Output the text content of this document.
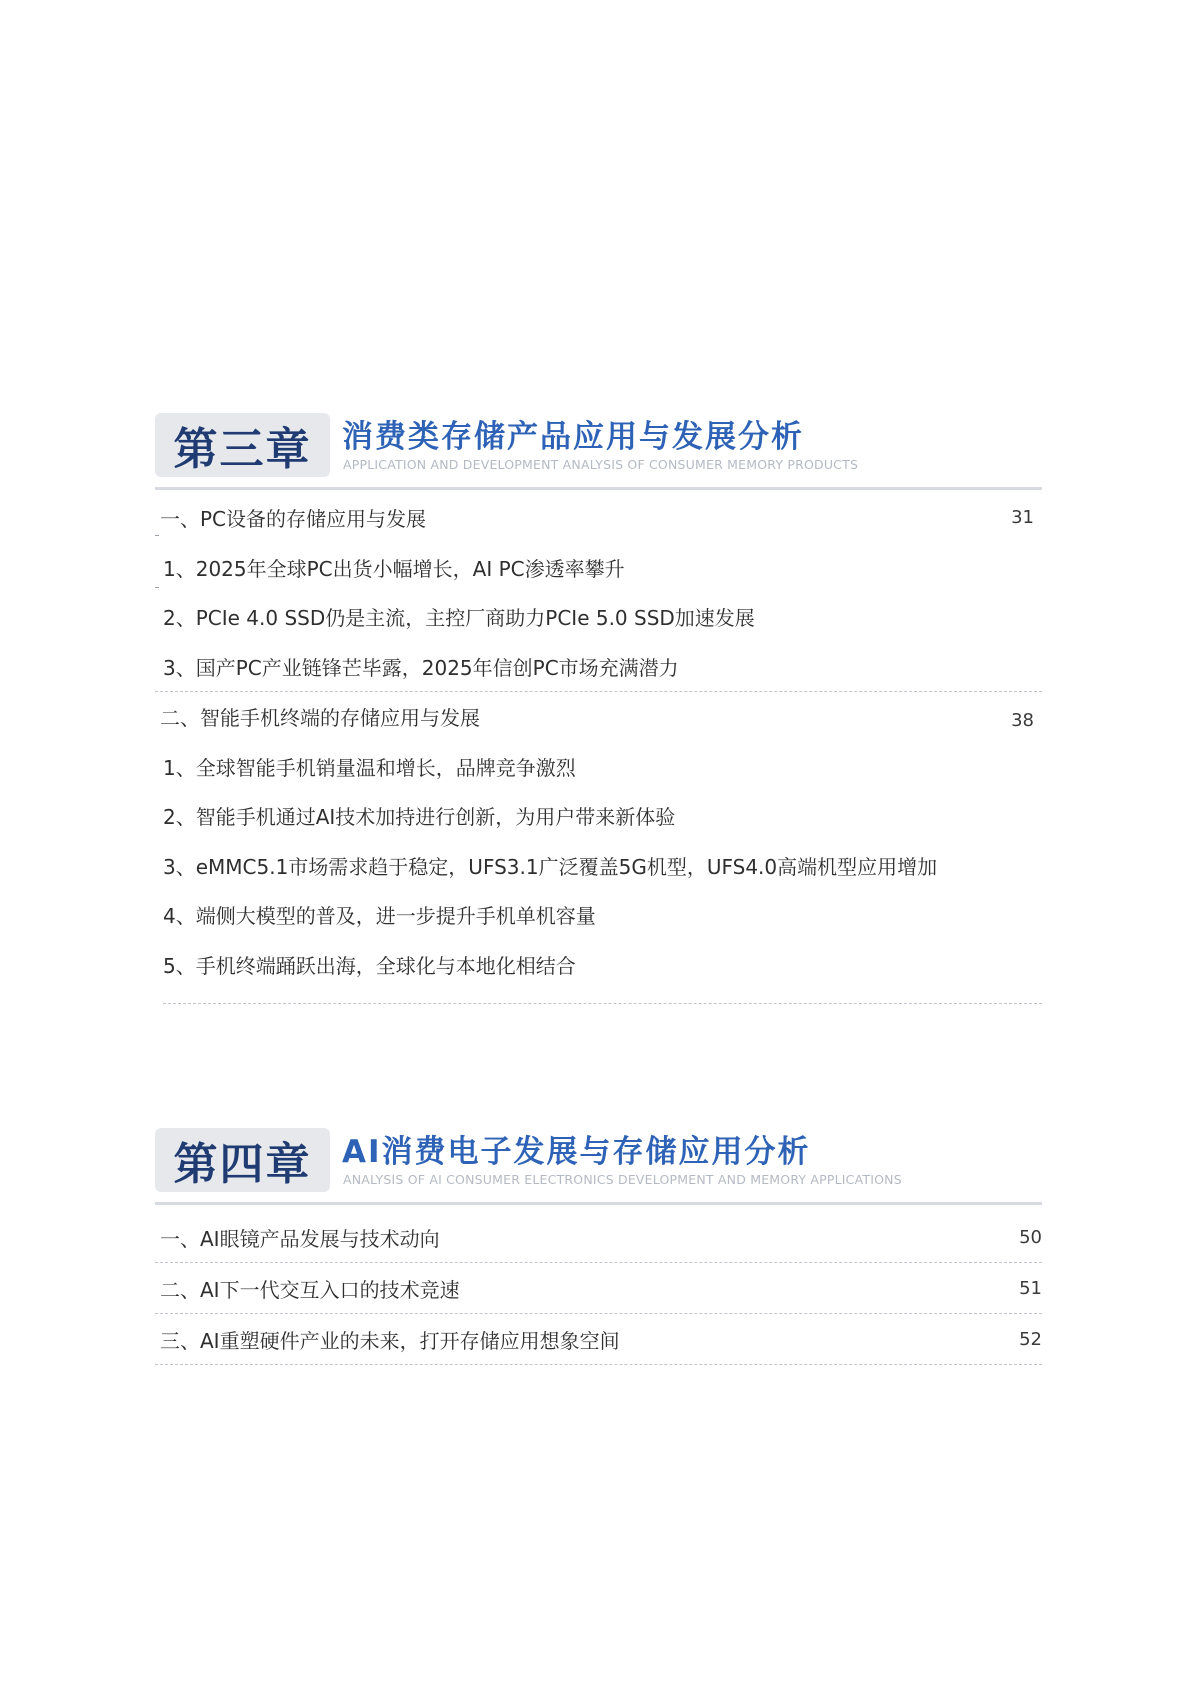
第三章 消费类存储产品应用与发展分析
APPLICATION AND DEVELOPMENT ANALYSIS OF CONSUMER MEMORY PRODUCTS
一、PC设备的存储应用与发展	31
1、2025年全球PC出货小幅增长，AI PC渗透率攀升
2、PCIe 4.0 SSD仍是主流，主控厂商助力PCIe 5.0 SSD加速发展
3、国产PC产业链锋芒毕露，2025年信创PC市场充满潜力
二、智能手机终端的存储应用与发展	38
1、全球智能手机销量温和增长，品牌竞争激烈
2、智能手机通过AI技术加持进行创新，为用户带来新体验
3、eMMC5.1市场需求趋于稳定，UFS3.1广泛覆盖5G机型，UFS4.0高端机型应用增加
4、端侧大模型的普及，进一步提升手机单机容量
5、手机终端踊跃出海，全球化与本地化相结合
第四章 AI消费电子发展与存储应用分析
ANALYSIS OF AI CONSUMER ELECTRONICS DEVELOPMENT AND MEMORY APPLICATIONS
一、AI眼镜产品发展与技术动向	50
二、AI下一代交互入口的技术竞速	51
三、AI重塑硬件产业的未来，打开存储应用想象空间	52
